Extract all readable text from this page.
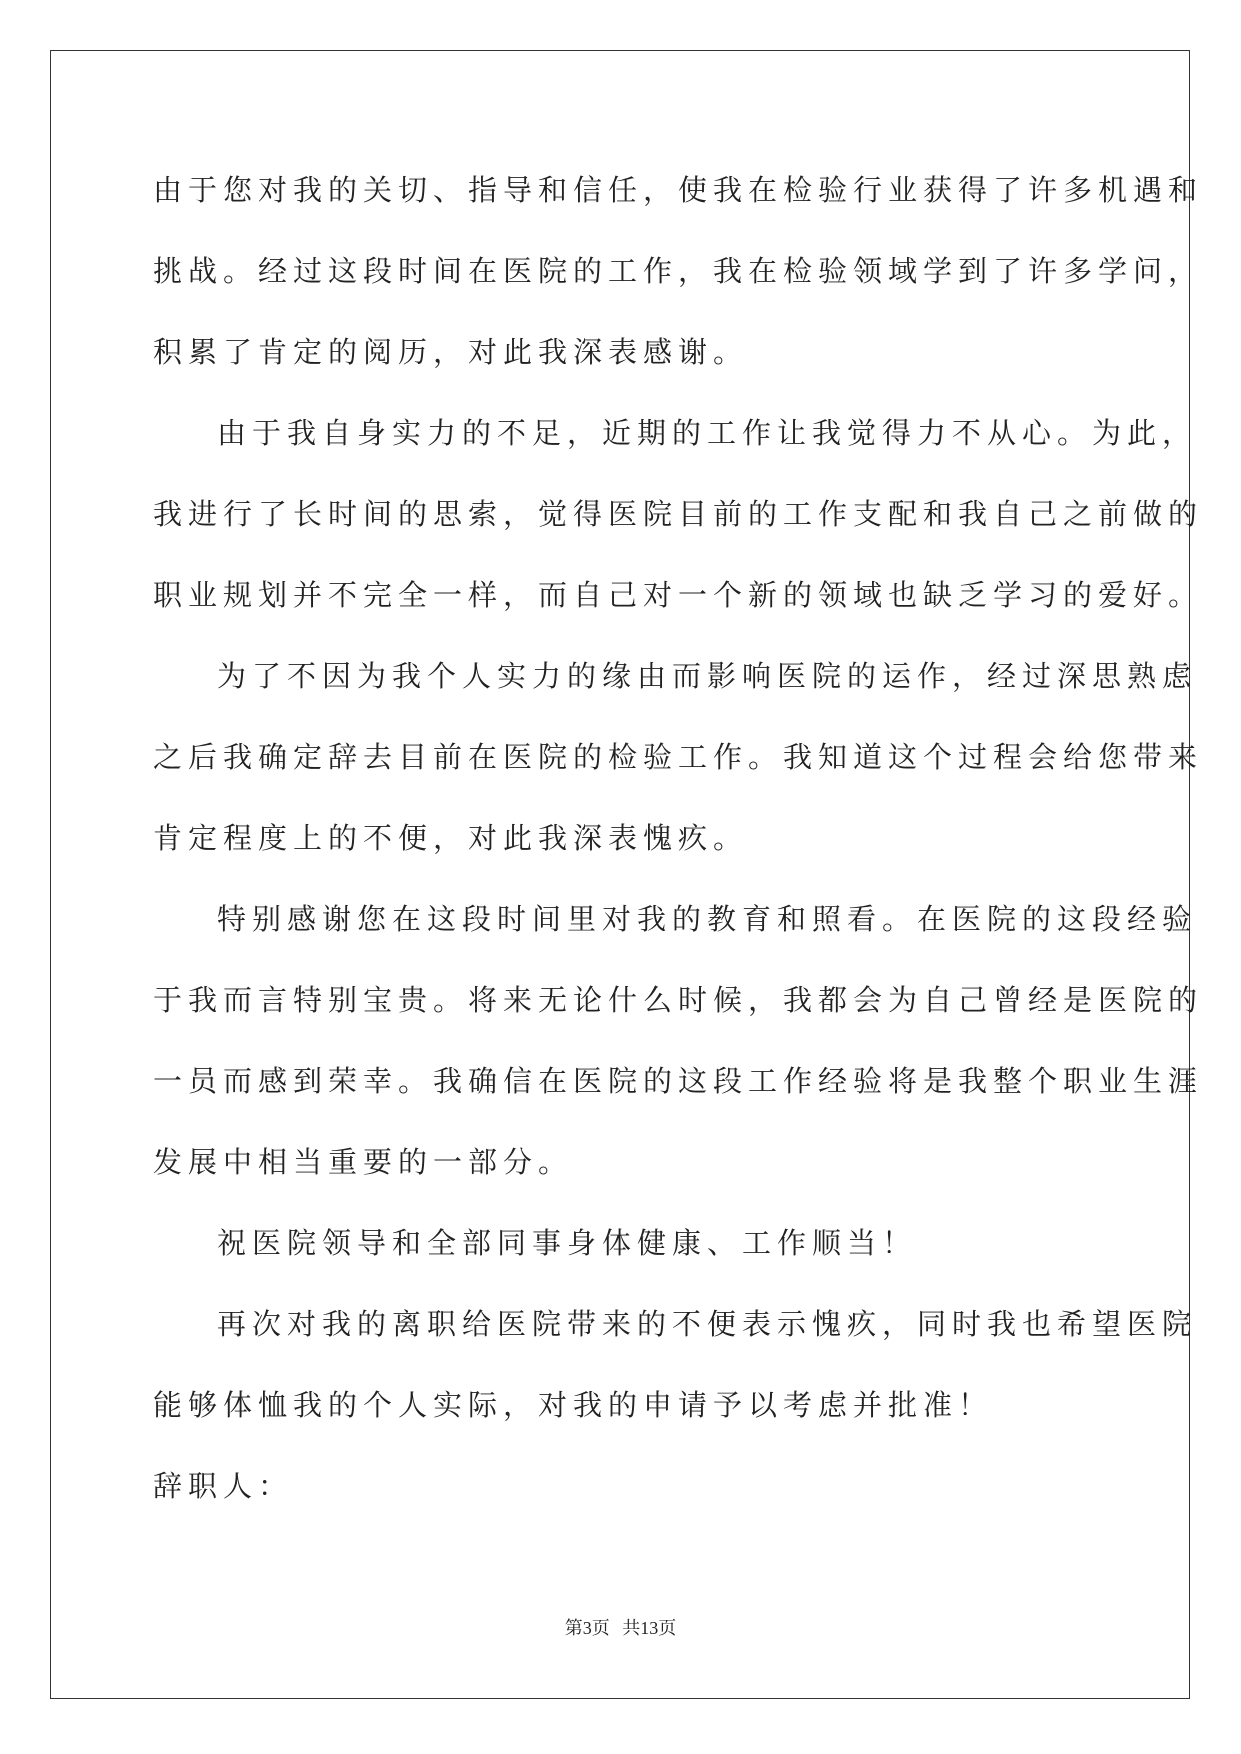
由于您对我的关切、指导和信任，使我在检验行业获得了许多机遇和
挑战。经过这段时间在医院的工作，我在检验领域学到了许多学问，
积累了肯定的阅历，对此我深表感谢。
由于我自身实力的不足，近期的工作让我觉得力不从心。为此，
我进行了长时间的思索，觉得医院目前的工作支配和我自己之前做的
职业规划并不完全一样，而自己对一个新的领域也缺乏学习的爱好。
为了不因为我个人实力的缘由而影响医院的运作，经过深思熟虑
之后我确定辞去目前在医院的检验工作。我知道这个过程会给您带来
肯定程度上的不便，对此我深表愧疚。
特别感谢您在这段时间里对我的教育和照看。在医院的这段经验
于我而言特别宝贵。将来无论什么时候，我都会为自己曾经是医院的
一员而感到荣幸。我确信在医院的这段工作经验将是我整个职业生涯
发展中相当重要的一部分。
祝医院领导和全部同事身体健康、工作顺当！
再次对我的离职给医院带来的不便表示愧疚，同时我也希望医院
能够体恤我的个人实际，对我的申请予以考虑并批准！
辞职人：
第3页 共13页
